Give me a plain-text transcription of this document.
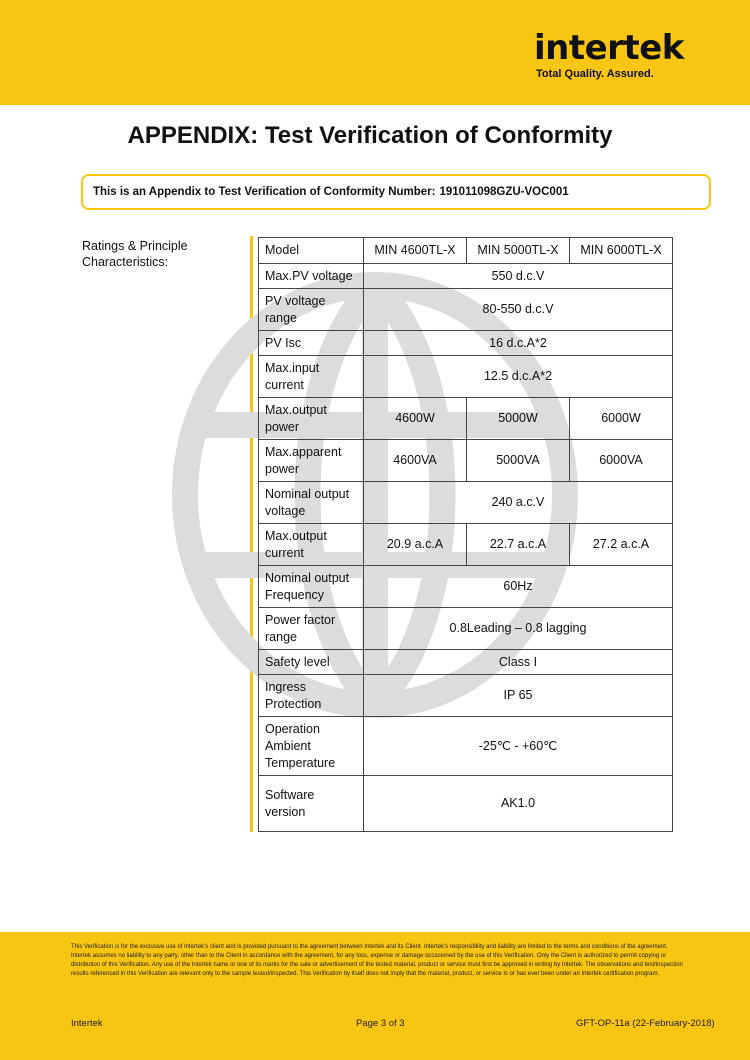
intertek
Total Quality. Assured.
APPENDIX: Test Verification of Conformity
This is an Appendix to Test Verification of Conformity Number: 191011098GZU-VOC001
Ratings & Principle Characteristics:
Model	MIN 4600TL-X	MIN 5000TL-X	MIN 6000TL-X
Max.PV voltage	550 d.c.V		
PV voltage range	80-550 d.c.V		
PV Isc	16 d.c.A*2		
Max.input current	12.5 d.c.A*2		
Max.output power	4600W	5000W	6000W
Max.apparent power	4600VA	5000VA	6000VA
Nominal output voltage	240 a.c.V		
Max.output current	20.9 a.c.A	22.7 a.c.A	27.2 a.c.A
Nominal output Frequency	60Hz		
Power factor range	0.8Leading – 0.8 lagging		
Safety level	Class I		
Ingress Protection	IP 65		
Operation Ambient Temperature	-25℃ - +60℃		
Software version	AK1.0		
This Verification is for the exclusive use of Intertek's client and is provided pursuant to the agreement between Intertek and its Client. Intertek's responsibility and liability are limited to the terms and conditions of the agreement. Intertek assumes no liability to any party, other than to the Client in accordance with the agreement, for any loss, expense or damage occasioned by the use of this Verification. Only the Client is authorized to permit copying or distribution of this Verification. Any use of the Intertek name or one of its marks for the sale or advertisement of the tested material, product or service must first be approved in writing by Intertek. The observations and test/inspection results referenced in this Verification are relevant only to the sample tested/inspected. This Verification by itself does not imply that the material, product, or service is or has ever been under an Intertek certification program.
Intertek	Page 3 of 3	GFT-OP-11a (22-February-2018)
